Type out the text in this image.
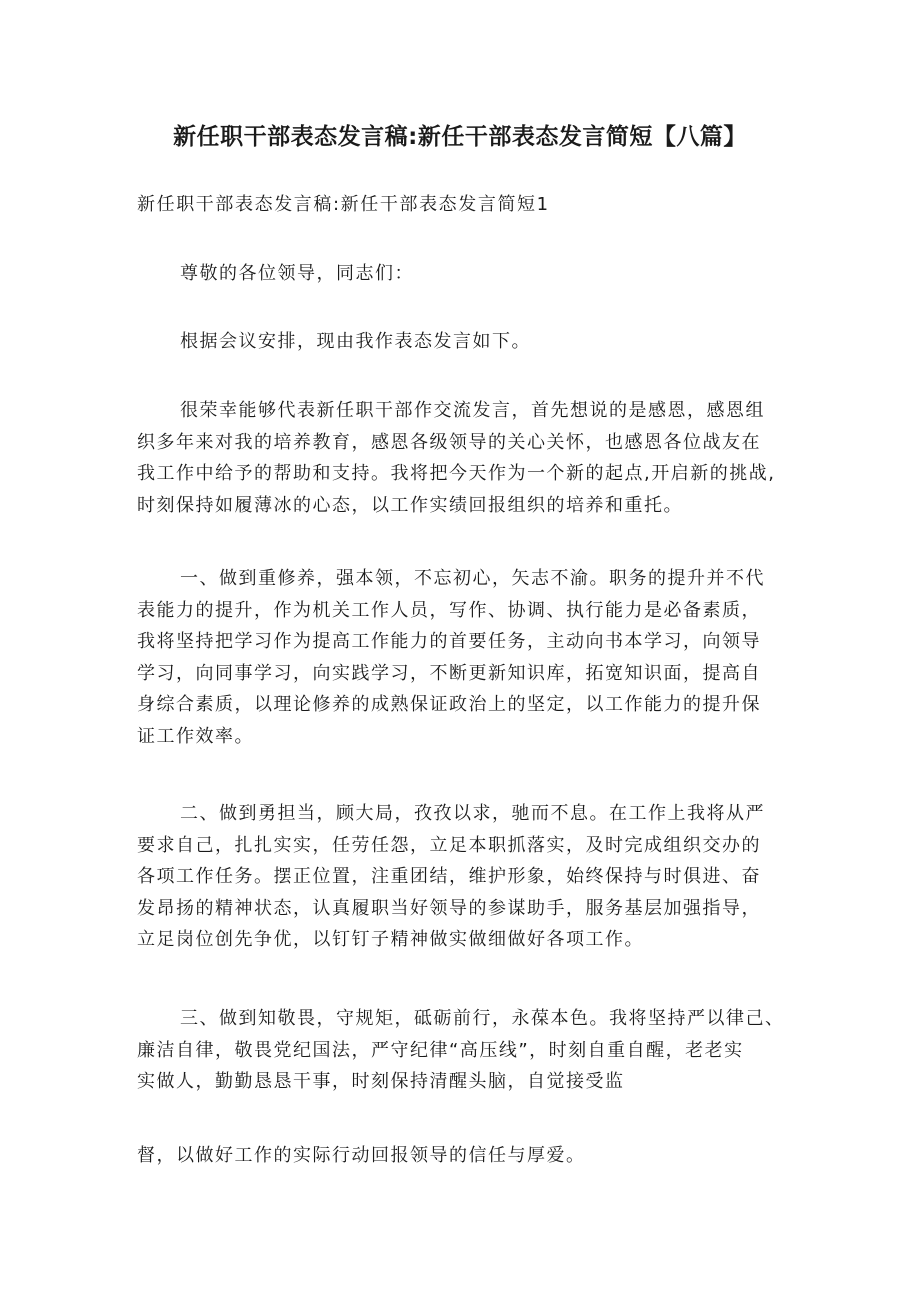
新任职干部表态发言稿:新任干部表态发言简短【八篇】

新任职干部表态发言稿:新任干部表态发言简短1

尊敬的各位领导，同志们：

根据会议安排，现由我作表态发言如下。

很荣幸能够代表新任职干部作交流发言，首先想说的是感恩，感恩组
织多年来对我的培养教育，感恩各级领导的关心关怀，也感恩各位战友在
我工作中给予的帮助和支持。我将把今天作为一个新的起点,开启新的挑战,
时刻保持如履薄冰的心态，以工作实绩回报组织的培养和重托。

一、做到重修养，强本领，不忘初心，矢志不渝。职务的提升并不代
表能力的提升，作为机关工作人员，写作、协调、执行能力是必备素质，
我将坚持把学习作为提高工作能力的首要任务，主动向书本学习，向领导
学习，向同事学习，向实践学习，不断更新知识库，拓宽知识面，提高自
身综合素质，以理论修养的成熟保证政治上的坚定，以工作能力的提升保
证工作效率。

二、做到勇担当，顾大局，孜孜以求，驰而不息。在工作上我将从严
要求自己，扎扎实实，任劳任怨，立足本职抓落实，及时完成组织交办的
各项工作任务。摆正位置，注重团结，维护形象，始终保持与时俱进、奋
发昂扬的精神状态，认真履职当好领导的参谋助手，服务基层加强指导，
立足岗位创先争优，以钉钉子精神做实做细做好各项工作。

三、做到知敬畏，守规矩，砥砺前行，永葆本色。我将坚持严以律己、
廉洁自律，敬畏党纪国法，严守纪律“高压线”，时刻自重自醒，老老实
实做人，勤勤恳恳干事，时刻保持清醒头脑，自觉接受监

督，以做好工作的实际行动回报领导的信任与厚爱。
